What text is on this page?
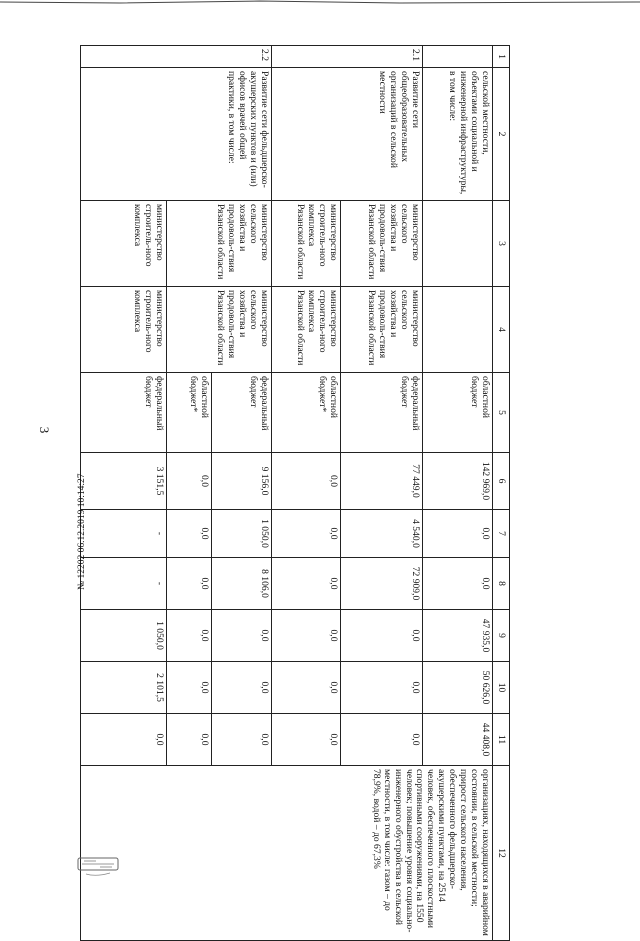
3
1	2	3	4	5	6	7	8	9	10	11	12
	сельской местности, объектами социальной и инженерной инфраструктуры, в том числе:			областной бюджет	142 969,0	0,0	0,0	47 935,0	50 626,0	44 408,0	организациях, находящихся в аварийном состоянии, в сельской местности; прирост сельского населения, обеспеченного фельдшерско-акушерскими пунктами, на 2514 человек, обеспеченного плоскостными спортивными сооружениями, на 1550 человек; повышение уровня социально-инженерного обустройства в сельской местности, в том числе: газом – до 78,9%, водой – до 67,3%
2.1	Развитие сети общеобразовательных организаций в сельской местности	министерство сельского хозяйства и продоволь-ствия Рязанской области	министерство сельского хозяйства и продоволь-ствия Рязанской области	федеральный бюджет	77 449,0	4 540,0	72 909,0	0,0	0,0	0,0	
		министерство строитель-ного комплекса Рязанской области	министерство строитель-ного комплекса Рязанской области	областной бюджет*	0,0	0,0	0,0	0,0	0,0	0,0	
2.2	Развитие сети фельдшерско-акушерских пунктов и (или) офисов врачей общей практики, в том числе:	министерство сельского хозяйства и продоволь-ствия Рязанской области	министерство сельского хозяйства и продоволь-ствия Рязанской области	федеральный бюджет	9 156,0	1 050,0	8 106,0	0,0	0,0	0,0	
				областной бюджет*	0,0	0,0	0,0	0,0	0,0	0,0	
		министерство строитель-ного комплекса	министерство строитель-ного комплекса	федеральный бюджет	3 151,5	-	-	1 050,0	2 101,5	0,0	
№ 12202 06.12.2019 10:14:27
